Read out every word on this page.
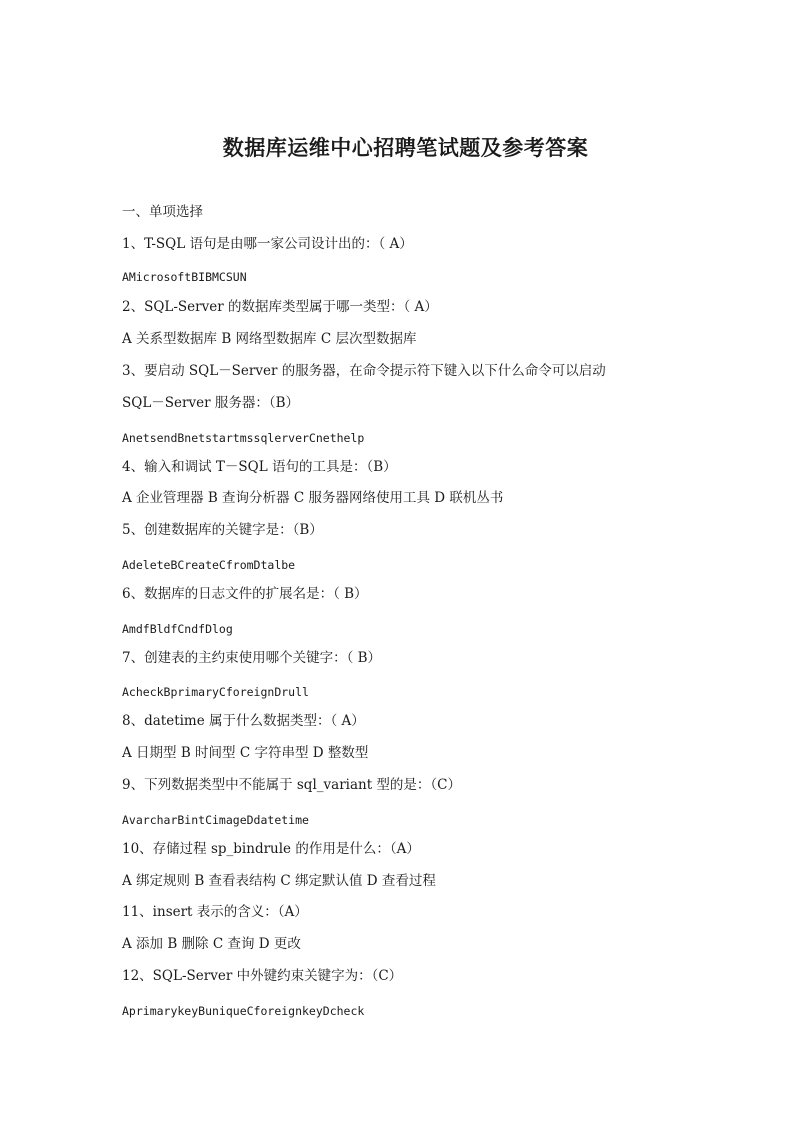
数据库运维中心招聘笔试题及参考答案
一、单项选择
1、T-SQL 语句是由哪一家公司设计出的：（ A）
AMicrosoftBIBMCSUN
2、SQL-Server 的数据库类型属于哪一类型：（ A）
A 关系型数据库 B 网络型数据库 C 层次型数据库
3、要启动 SQL－Server 的服务器，在命令提示符下键入以下什么命令可以启动
SQL－Server 服务器：（B）
AnetsendBnetstartmssqlerverCnethelp
4、输入和调试 T－SQL 语句的工具是：（B）
A 企业管理器 B 查询分析器 C 服务器网络使用工具 D 联机丛书
5、创建数据库的关键字是：（B）
AdeleteBCreateCfromDtalbe
6、数据库的日志文件的扩展名是：（ B）
AmdfBldfCndfDlog
7、创建表的主约束使用哪个关键字：（ B）
AcheckBprimaryCforeignDrull
8、datetime 属于什么数据类型：（ A）
A 日期型 B 时间型 C 字符串型 D 整数型
9、下列数据类型中不能属于 sql_variant 型的是：（C）
AvarcharBintCimageDdatetime
10、存储过程 sp_bindrule 的作用是什么：（A）
A 绑定规则 B 查看表结构 C 绑定默认值 D 查看过程
11、insert 表示的含义：（A）
A 添加 B 删除 C 查询 D 更改
12、SQL-Server 中外键约束关键字为：（C）
AprimarykeyBuniqueCforeignkeyDcheck
